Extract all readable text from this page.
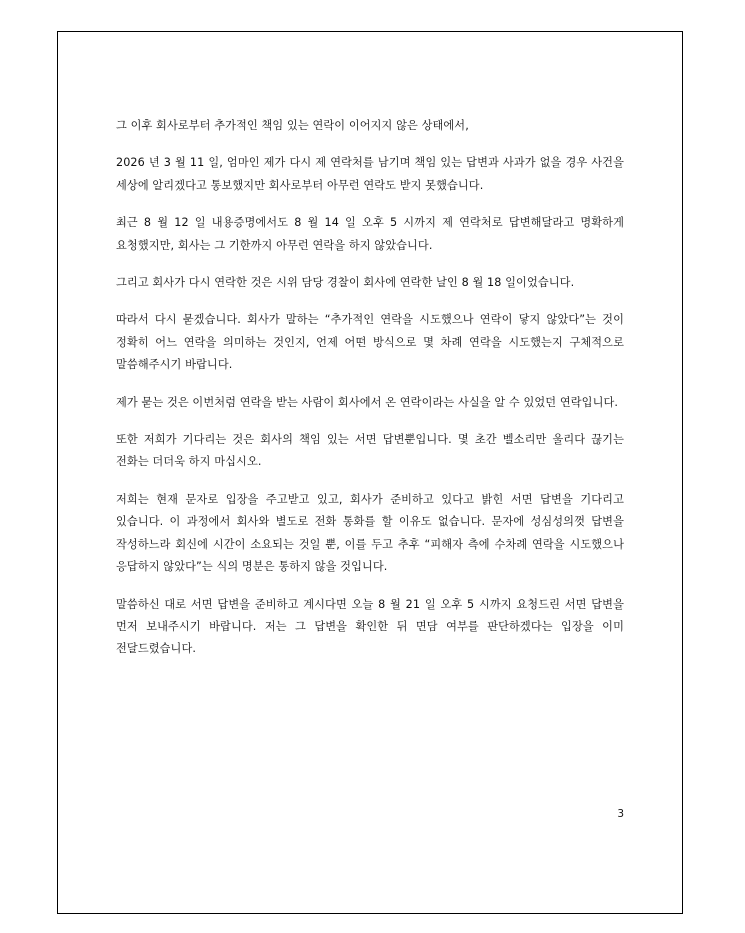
그 이후 회사로부터 추가적인 책임 있는 연락이 이어지지 않은 상태에서,

2026 년 3 월 11 일, 엄마인 제가 다시 제 연락처를 남기며 책임 있는 답변과 사과가 없을 경우 사건을 세상에 알리겠다고 통보했지만 회사로부터 아무런 연락도 받지 못했습니다.

최근 8 월 12 일 내용증명에서도 8 월 14 일 오후 5 시까지 제 연락처로 답변해달라고 명확하게 요청했지만, 회사는 그 기한까지 아무런 연락을 하지 않았습니다.

그리고 회사가 다시 연락한 것은 시위 담당 경찰이 회사에 연락한 날인 8 월 18 일이었습니다.

따라서 다시 묻겠습니다. 회사가 말하는 “추가적인 연락을 시도했으나 연락이 닿지 않았다”는 것이 정확히 어느 연락을 의미하는 것인지, 언제 어떤 방식으로 몇 차례 연락을 시도했는지 구체적으로 말씀해주시기 바랍니다.

제가 묻는 것은 이번처럼 연락을 받는 사람이 회사에서 온 연락이라는 사실을 알 수 있었던 연락입니다.

또한 저희가 기다리는 것은 회사의 책임 있는 서면 답변뿐입니다. 몇 초간 벨소리만 울리다 끊기는 전화는 더더욱 하지 마십시오.

저희는 현재 문자로 입장을 주고받고 있고, 회사가 준비하고 있다고 밝힌 서면 답변을 기다리고 있습니다. 이 과정에서 회사와 별도로 전화 통화를 할 이유도 없습니다. 문자에 성심성의껏 답변을 작성하느라 회신에 시간이 소요되는 것일 뿐, 이를 두고 추후 “피해자 측에 수차례 연락을 시도했으나 응답하지 않았다”는 식의 명분은 통하지 않을 것입니다.

말씀하신 대로 서면 답변을 준비하고 계시다면 오늘 8 월 21 일 오후 5 시까지 요청드린 서면 답변을 먼저 보내주시기 바랍니다. 저는 그 답변을 확인한 뒤 면담 여부를 판단하겠다는 입장을 이미 전달드렸습니다.

3
